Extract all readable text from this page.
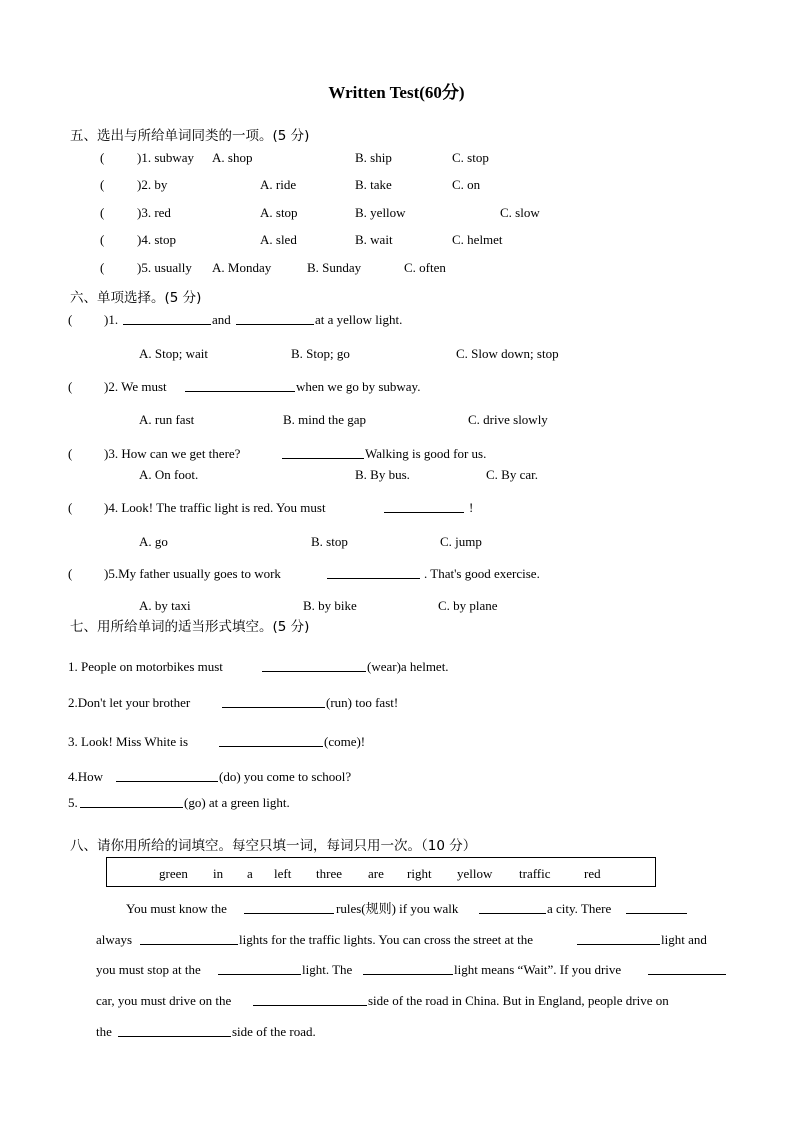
Written Test(60分)
五、选出与所给单词同类的一项。(5 分)
(	)1. subway A. shop	B. ship	C. stop
(	)2. by	A. ride	B. take	C. on
(	)3. red	A. stop	B. yellow	C. slow
(	)4. stop	A. sled	B. wait	C. helmet
(	)5. usually A. Monday	B. Sunday	C. often
六、单项选择。(5 分)
( )1.	and	at a yellow light.
A. Stop; wait	B. Stop; go	C. Slow down; stop
( )2. We must	when we go by subway.
A. run fast	B. mind the gap	C. drive slowly
( )3. How can we get there?	Walking is good for us.
A. On foot.	B. By bus.	C. By car.
( )4. Look! The traffic light is red. You must	!
A. go	B. stop	C. jump
( )5.My father usually goes to work	. That's good exercise.
A. by taxi	B. by bike	C. by plane
七、用所给单词的适当形式填空。(5 分)
1. People on motorbikes must	(wear)a helmet.
2.Don't let your brother	(run) too fast!
3. Look! Miss White is	(come)!
4.How	(do) you come to school?
5.	(go) at a green light.
八、请你用所给的词填空。每空只填一词，每词只用一次。（10 分）
green in a left three are right yellow traffic	red
You must know the	rules(规则) if you walk	a city. There
always	lights for the traffic lights. You can cross the street at the	light and
you must stop at the	light. The	light means “Wait”. If you drive
car, you must drive on the	side of the road in China. But in England, people drive on
the	side of the road.
